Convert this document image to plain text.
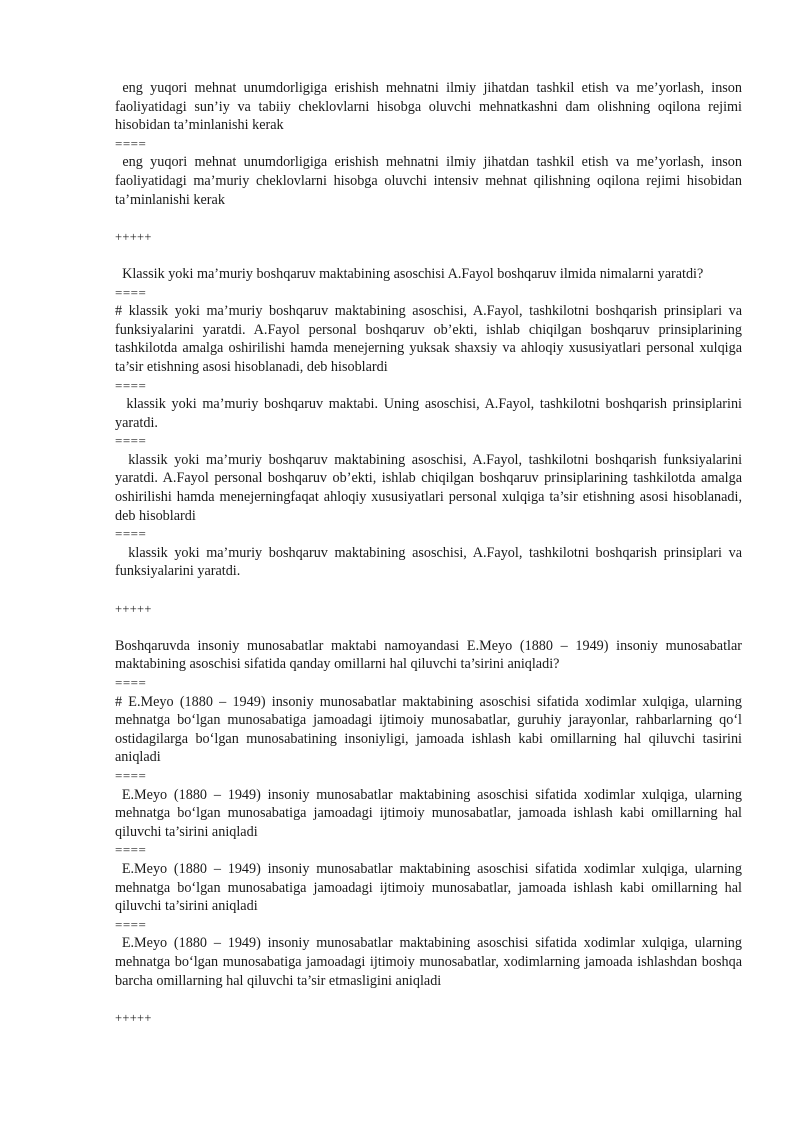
eng yuqori mehnat unumdorligiga erishish mehnatni ilmiy jihatdan tashkil etish va me’yorlash, inson faoliyatidagi sun’iy va tabiiy cheklovlarni hisobga oluvchi mehnatkashni dam olishning oqilona rejimi hisobidan ta’minlanishi kerak
====
eng yuqori mehnat unumdorligiga erishish mehnatni ilmiy jihatdan tashkil etish va me’yorlash, inson faoliyatidagi ma’muriy cheklovlarni hisobga oluvchi intensiv mehnat qilishning oqilona rejimi hisobidan ta’minlanishi kerak
+++++
Klassik yoki ma’muriy boshqaruv maktabining asoschisi A.Fayol boshqaruv ilmida nimalarni yaratdi?
====
# klassik yoki ma’muriy boshqaruv maktabining asoschisi, A.Fayol, tashkilotni boshqarish prinsiplari va funksiyalarini yaratdi. A.Fayol personal boshqaruv ob’ekti, ishlab chiqilgan boshqaruv prinsiplarining tashkilotda amalga oshirilishi hamda menejerning yuksak shaxsiy va ahloqiy xususiyatlari personal xulqiga ta’sir etishning asosi hisoblanadi, deb hisoblardi
====
klassik yoki ma’muriy boshqaruv maktabi. Uning asoschisi, A.Fayol, tashkilotni boshqarish prinsiplarini yaratdi.
====
klassik yoki ma’muriy boshqaruv maktabining asoschisi, A.Fayol, tashkilotni boshqarish funksiyalarini yaratdi. A.Fayol personal boshqaruv ob’ekti, ishlab chiqilgan boshqaruv prinsiplarining tashkilotda amalga oshirilishi hamda menejerningfaqat ahloqiy xususiyatlari personal xulqiga ta’sir etishning asosi hisoblanadi, deb hisoblardi
====
klassik yoki ma’muriy boshqaruv maktabining asoschisi, A.Fayol, tashkilotni boshqarish prinsiplari va funksiyalarini yaratdi.
+++++
Boshqaruvda insoniy munosabatlar maktabi namoyandasi E.Meyo (1880 – 1949) insoniy munosabatlar maktabining asoschisi sifatida qanday omillarni hal qiluvchi ta’sirini aniqladi?
====
# E.Meyo (1880 – 1949) insoniy munosabatlar maktabining asoschisi sifatida xodimlar xulqiga, ularning mehnatga bo‘lgan munosabatiga jamoadagi ijtimoiy munosabatlar, guruhiy jarayonlar, rahbarlarning qo‘l ostidagilarga bo‘lgan munosabatining insoniyligi, jamoada ishlash kabi omillarning hal qiluvchi tasirini aniqladi
====
E.Meyo (1880 – 1949) insoniy munosabatlar maktabining asoschisi sifatida xodimlar xulqiga, ularning mehnatga bo‘lgan munosabatiga jamoadagi ijtimoiy munosabatlar, jamoada ishlash kabi omillarning hal qiluvchi ta’sirini aniqladi
====
E.Meyo (1880 – 1949) insoniy munosabatlar maktabining asoschisi sifatida xodimlar xulqiga, ularning mehnatga bo‘lgan munosabatiga jamoadagi ijtimoiy munosabatlar, jamoada ishlash kabi omillarning hal qiluvchi ta’sirini aniqladi
====
E.Meyo (1880 – 1949) insoniy munosabatlar maktabining asoschisi sifatida xodimlar xulqiga, ularning mehnatga bo‘lgan munosabatiga jamoadagi ijtimoiy munosabatlar, xodimlarning jamoada ishlashdan boshqa barcha omillarning hal qiluvchi ta’sir etmasligini aniqladi
+++++
